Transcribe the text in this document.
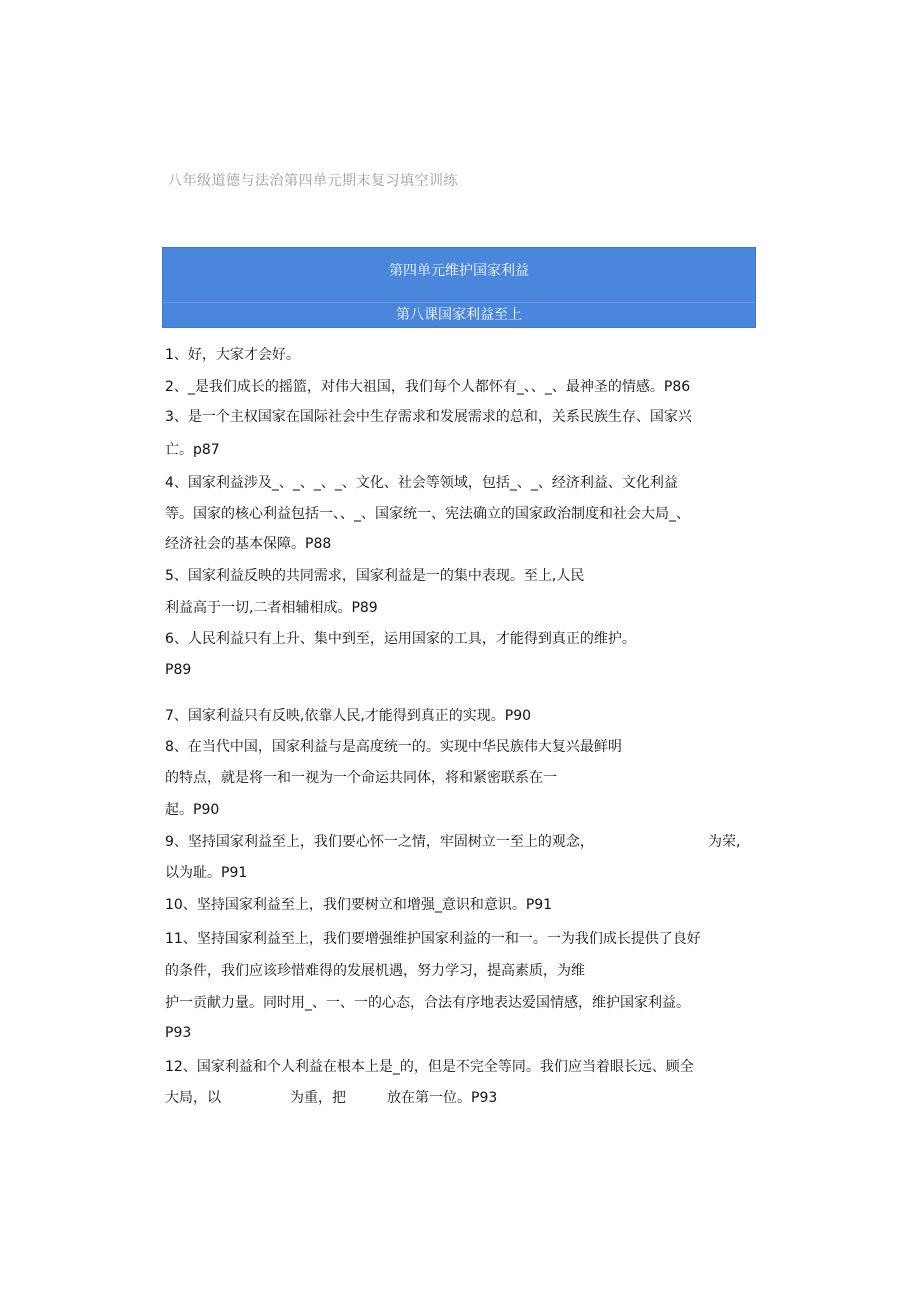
八年级道德与法治第四单元期末复习填空训练
第四单元维护国家利益
第八课国家利益至上
1、好，大家才会好。
2、_是我们成长的摇篮，对伟大祖国，我们每个人都怀有_、、_、最神圣的情感。P86
3、是一个主权国家在国际社会中生存需求和发展需求的总和，关系民族生存、国家兴
亡。p87
4、国家利益涉及_、_、_、_、文化、社会等领域，包括_、_、经济利益、文化利益
等。国家的核心利益包括一、、_、国家统一、宪法确立的国家政治制度和社会大局_、
经济社会的基本保障。P88
5、国家利益反映的共同需求，国家利益是一的集中表现。至上,人民
利益高于一切,二者相辅相成。P89
6、人民利益只有上升、集中到至，运用国家的工具，才能得到真正的维护。
P89
7、国家利益只有反映,依靠人民,才能得到真正的实现。P90
8、在当代中国，国家利益与是高度统一的。实现中华民族伟大复兴最鲜明
的特点，就是将一和一视为一个命运共同体，将和紧密联系在一
起。P90
9、坚持国家利益至上，我们要心怀一之情，牢固树立一至上的观念，	为荣,
以为耻。P91
10、坚持国家利益至上，我们要树立和增强_意识和意识。P91
11、坚持国家利益至上，我们要增强维护国家利益的一和一。一为我们成长提供了良好
的条件，我们应该珍惜难得的发展机遇，努力学习，提高素质，为维
护一贡献力量。同时用_、一、一的心态，合法有序地表达爱国情感，维护国家利益。
P93
12、国家利益和个人利益在根本上是_的，但是不完全等同。我们应当着眼长远、顾全
大局，以	为重，把	放在第一位。P93
